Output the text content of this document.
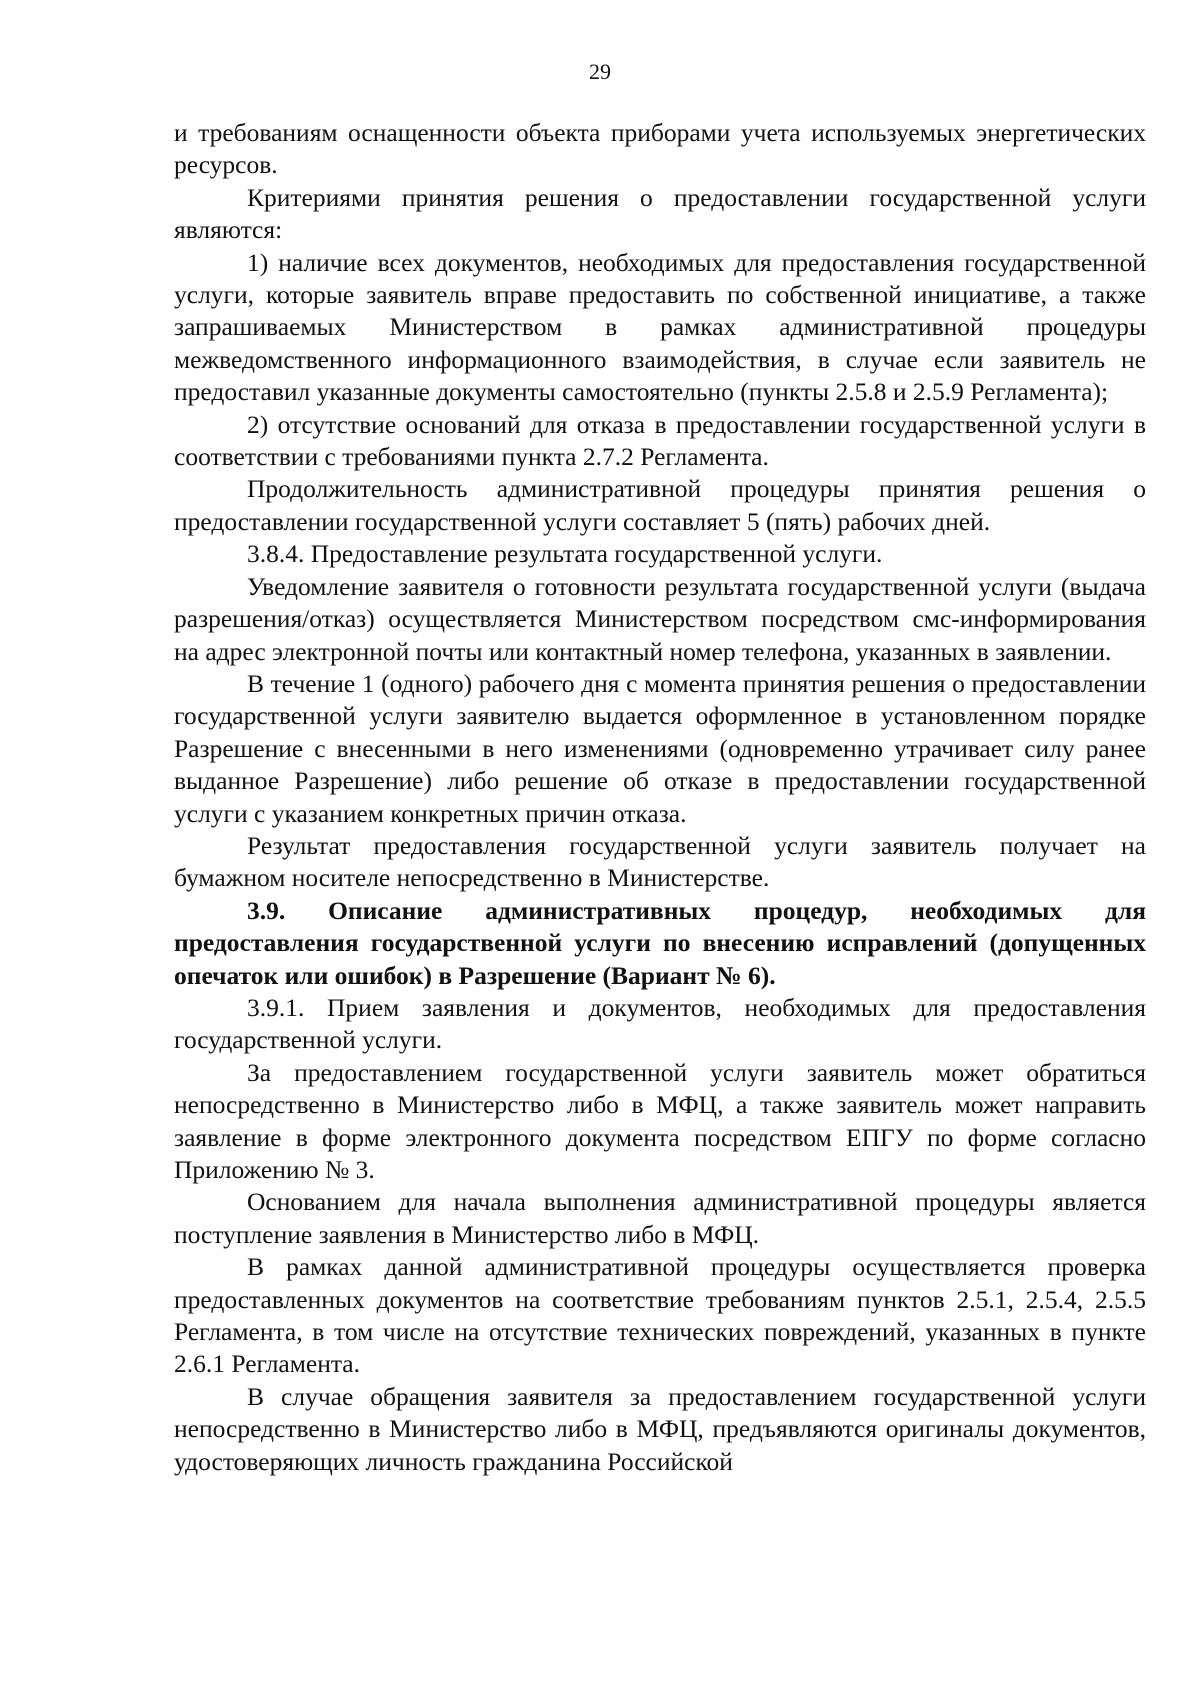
29

и требованиям оснащенности объекта приборами учета используемых энергетических ресурсов.

Критериями принятия решения о предоставлении государственной услуги являются:

1) наличие всех документов, необходимых для предоставления государственной услуги, которые заявитель вправе предоставить по собственной инициативе, а также запрашиваемых Министерством в рамках административной процедуры межведомственного информационного взаимодействия, в случае если заявитель не предоставил указанные документы самостоятельно (пункты 2.5.8 и 2.5.9 Регламента);

2) отсутствие оснований для отказа в предоставлении государственной услуги в соответствии с требованиями пункта 2.7.2 Регламента.

Продолжительность административной процедуры принятия решения о предоставлении государственной услуги составляет 5 (пять) рабочих дней.

3.8.4. Предоставление результата государственной услуги.

Уведомление заявителя о готовности результата государственной услуги (выдача разрешения/отказ) осуществляется Министерством посредством смс-информирования на адрес электронной почты или контактный номер телефона, указанных в заявлении.

В течение 1 (одного) рабочего дня с момента принятия решения о предоставлении государственной услуги заявителю выдается оформленное в установленном порядке Разрешение с внесенными в него изменениями (одновременно утрачивает силу ранее выданное Разрешение) либо решение об отказе в предоставлении государственной услуги с указанием конкретных причин отказа.

Результат предоставления государственной услуги заявитель получает на бумажном носителе непосредственно в Министерстве.

3.9. Описание административных процедур, необходимых для предоставления государственной услуги по внесению исправлений (допущенных опечаток или ошибок) в Разрешение (Вариант № 6).

3.9.1. Прием заявления и документов, необходимых для предоставления государственной услуги.

За предоставлением государственной услуги заявитель может обратиться непосредственно в Министерство либо в МФЦ, а также заявитель может направить заявление в форме электронного документа посредством ЕПГУ по форме согласно Приложению № 3.

Основанием для начала выполнения административной процедуры является поступление заявления в Министерство либо в МФЦ.

В рамках данной административной процедуры осуществляется проверка предоставленных документов на соответствие требованиям пунктов 2.5.1, 2.5.4, 2.5.5 Регламента, в том числе на отсутствие технических повреждений, указанных в пункте 2.6.1 Регламента.

В случае обращения заявителя за предоставлением государственной услуги непосредственно в Министерство либо в МФЦ, предъявляются оригиналы документов, удостоверяющих личность гражданина Российской
